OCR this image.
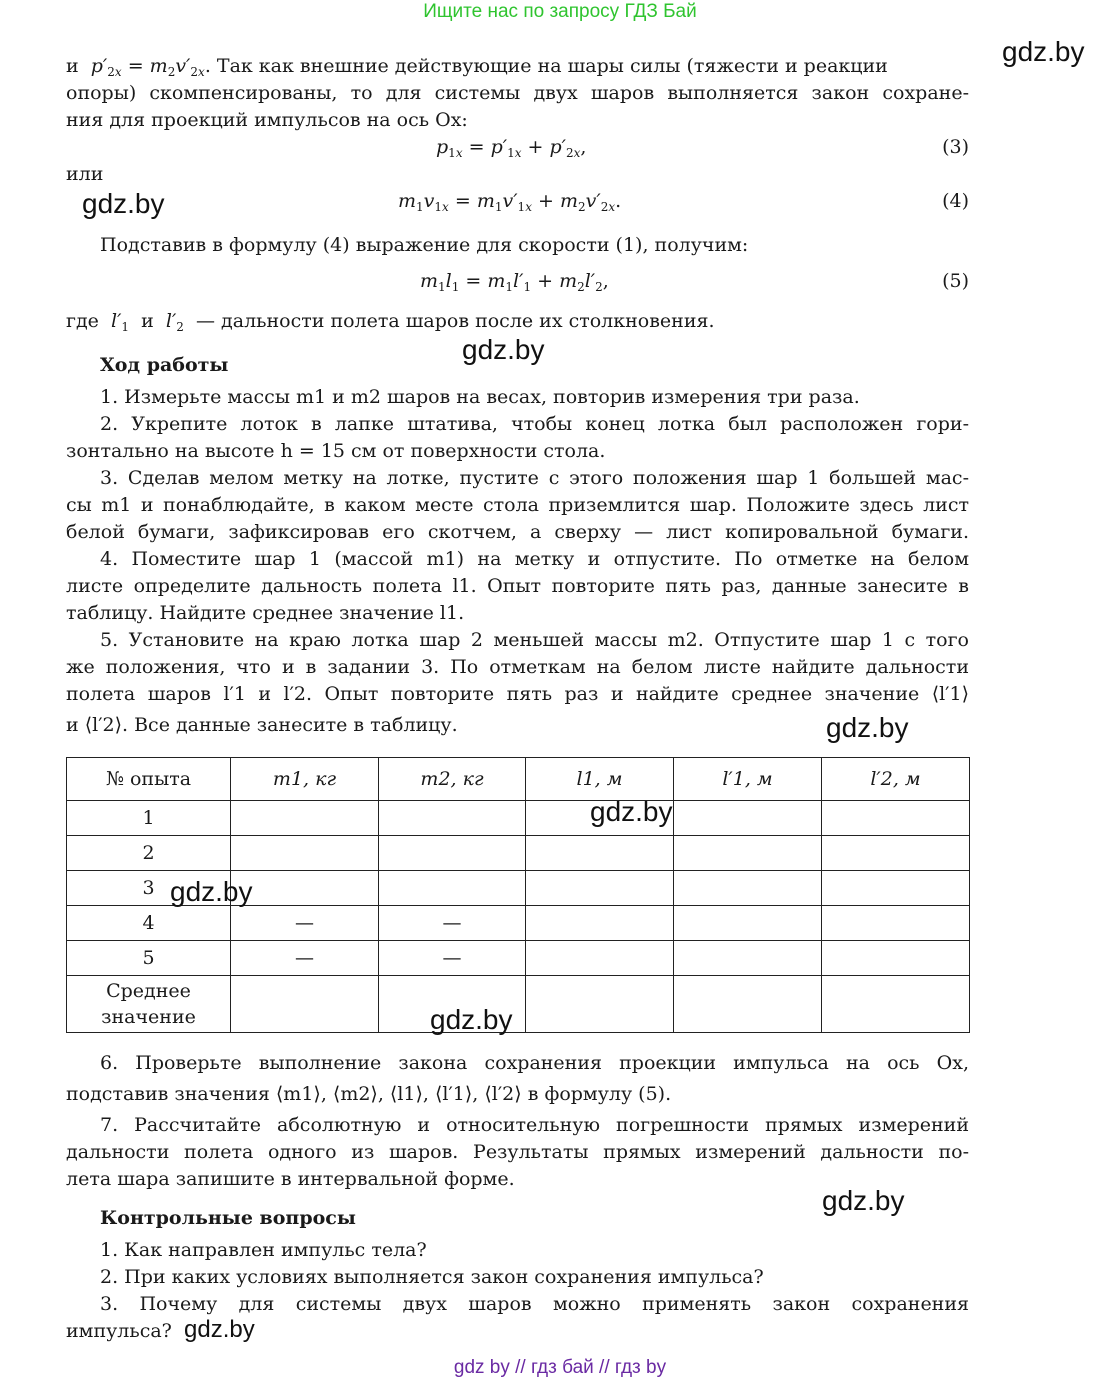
Ищите нас по запросу ГДЗ Бай
gdz.by
gdz.by
gdz.by
gdz.by
gdz.by
и $p'_{2x} = m_2v'_{2x}$. Так как внешние действующие на шары силы (тяжести и реакции
опоры) скомпенсированы, то для системы двух шаров выполняется закон сохране-
ния для проекций импульсов на ось Ox:
$p_{1x} = p'_{1x} + p'_{2x}$,	(3)
или
$m_1v_{1x} = m_1v'_{1x} + m_2v'_{2x}$.	(4)
Подставив в формулу (4) выражение для скорости (1), получим:
$m_1l_1 = m_1l'_1 + m_2l'_2$,	(5)
где $l'_1$ и $l'_2$ — дальности полета шаров после их столкновения.
Ход работы
1. Измерьте массы m1 и m2 шаров на весах, повторив измерения три раза.
2. Укрепите лоток в лапке штатива, чтобы конец лотка был расположен гори-
зонтально на высоте h = 15 см от поверхности стола.
3. Сделав мелом метку на лотке, пустите с этого положения шар 1 большей мас-
сы m1 и понаблюдайте, в каком месте стола приземлится шар. Положите здесь лист
белой бумаги, зафиксировав его скотчем, а сверху — лист копировальной бумаги.
4. Поместите шар 1 (массой m1) на метку и отпустите. По отметке на белом
листе определите дальность полета l1. Опыт повторите пять раз, данные занесите в
таблицу. Найдите среднее значение l1.
5. Установите на краю лотка шар 2 меньшей массы m2. Отпустите шар 1 с того
же положения, что и в задании 3. По отметкам на белом листе найдите дальности
полета шаров l′1 и l′2. Опыт повторите пять раз и найдите среднее значение ⟨l′1⟩
и ⟨l′2⟩. Все данные занесите в таблицу.
№ опыта	m1, кг	m2, кг	l1, м	l′1, м	l′2, м
1					
2					
3					
4	—	—			
5	—	—			
Среднее
значение					
gdz.by
gdz.by
gdz.by
6. Проверьте выполнение закона сохранения проекции импульса на ось Ox,
подставив значения ⟨m1⟩, ⟨m2⟩, ⟨l1⟩, ⟨l′1⟩, ⟨l′2⟩ в формулу (5).
7. Рассчитайте абсолютную и относительную погрешности прямых измерений
дальности полета одного из шаров. Результаты прямых измерений дальности по-
лета шара запишите в интервальной форме.
Контрольные вопросы
1. Как направлен импульс тела?
2. При каких условиях выполняется закон сохранения импульса?
3. Почему для системы двух шаров можно применять закон сохранения
импульса? gdz.by
gdz by // гдз бай // гдз by
